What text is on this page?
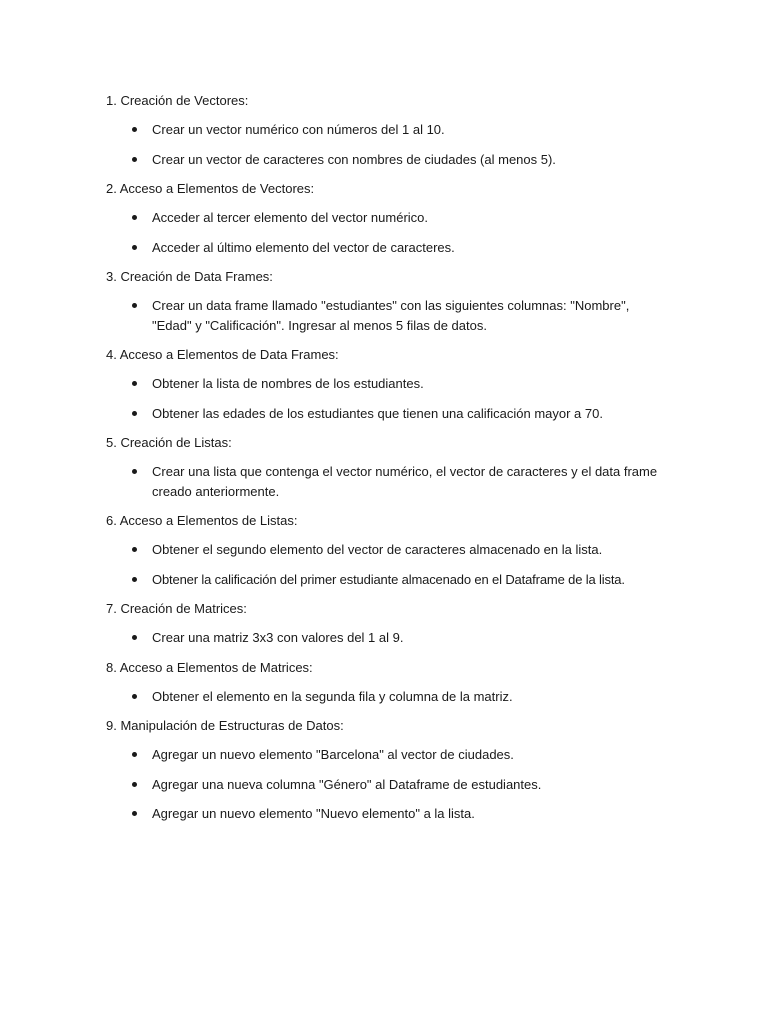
1. Creación de Vectores:
Crear un vector numérico con números del 1 al 10.
Crear un vector de caracteres con nombres de ciudades (al menos 5).
2. Acceso a Elementos de Vectores:
Acceder al tercer elemento del vector numérico.
Acceder al último elemento del vector de caracteres.
3. Creación de Data Frames:
Crear un data frame llamado "estudiantes" con las siguientes columnas: "Nombre", "Edad" y "Calificación". Ingresar al menos 5 filas de datos.
4. Acceso a Elementos de Data Frames:
Obtener la lista de nombres de los estudiantes.
Obtener las edades de los estudiantes que tienen una calificación mayor a 70.
5. Creación de Listas:
Crear una lista que contenga el vector numérico, el vector de caracteres y el data frame creado anteriormente.
6. Acceso a Elementos de Listas:
Obtener el segundo elemento del vector de caracteres almacenado en la lista.
Obtener la calificación del primer estudiante almacenado en el Dataframe de la lista.
7. Creación de Matrices:
Crear una matriz 3x3 con valores del 1 al 9.
8. Acceso a Elementos de Matrices:
Obtener el elemento en la segunda fila y columna de la matriz.
9. Manipulación de Estructuras de Datos:
Agregar un nuevo elemento "Barcelona" al vector de ciudades.
Agregar una nueva columna "Género" al Dataframe de estudiantes.
Agregar un nuevo elemento "Nuevo elemento" a la lista.
